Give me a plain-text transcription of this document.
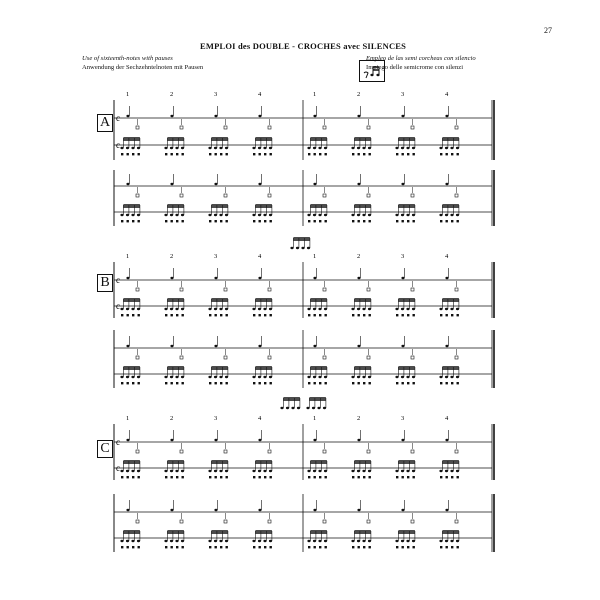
27
EMPLOI des DOUBLE - CROCHES avec SILENCES
Use of sixteenth-notes with pauses
Anwendung der Sechzehntelnoten mit Pausen
Empleo de las semi corcheas con silencio
Impiego delle semicrome con silenzi
A
B
C
1	2	3	4	1	2	3	4
1	2	3	4	1	2	3	4
1	2	3	4	1	2	3	4
c
c
c
c
c
c
